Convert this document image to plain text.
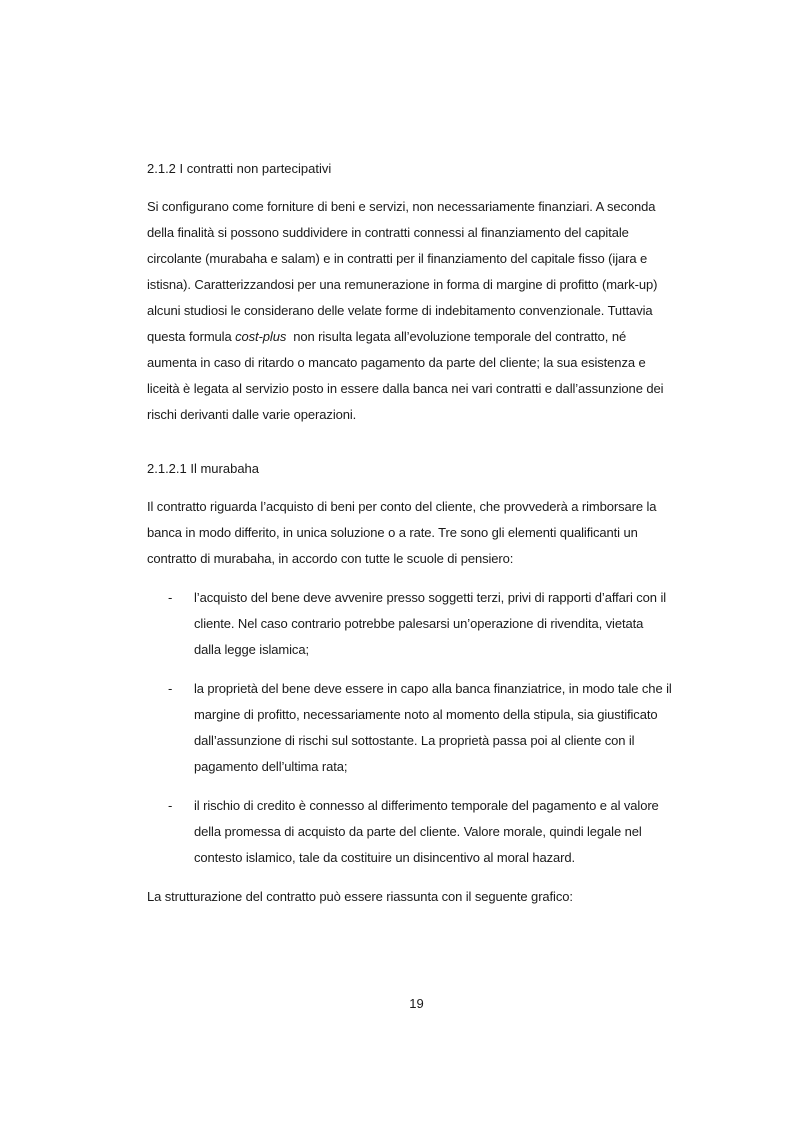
2.1.2 I contratti non partecipativi
Si configurano come forniture di beni e servizi, non necessariamente finanziari. A seconda
della finalità si possono suddividere in contratti connessi al finanziamento del capitale
circolante (murabaha e salam) e in contratti per il finanziamento del capitale fisso (ijara e
istisna). Caratterizzandosi per una remunerazione in forma di margine di profitto (mark-up)
alcuni studiosi le considerano delle velate forme di indebitamento convenzionale. Tuttavia
questa formula cost-plus  non risulta legata all’evoluzione temporale del contratto, né
aumenta in caso di ritardo o mancato pagamento da parte del cliente; la sua esistenza e
liceità è legata al servizio posto in essere dalla banca nei vari contratti e dall’assunzione dei
rischi derivanti dalle varie operazioni.
2.1.2.1 Il murabaha
Il contratto riguarda l’acquisto di beni per conto del cliente, che provvederà a rimborsare la
banca in modo differito, in unica soluzione o a rate. Tre sono gli elementi qualificanti un
contratto di murabaha, in accordo con tutte le scuole di pensiero:
- l’acquisto del bene deve avvenire presso soggetti terzi, privi di rapporti d’affari con il
cliente. Nel caso contrario potrebbe palesarsi un’operazione di rivendita, vietata
dalla legge islamica;
- la proprietà del bene deve essere in capo alla banca finanziatrice, in modo tale che il
margine di profitto, necessariamente noto al momento della stipula, sia giustificato
dall’assunzione di rischi sul sottostante. La proprietà passa poi al cliente con il
pagamento dell’ultima rata;
- il rischio di credito è connesso al differimento temporale del pagamento e al valore
della promessa di acquisto da parte del cliente. Valore morale, quindi legale nel
contesto islamico, tale da costituire un disincentivo al moral hazard.
La strutturazione del contratto può essere riassunta con il seguente grafico:
19
